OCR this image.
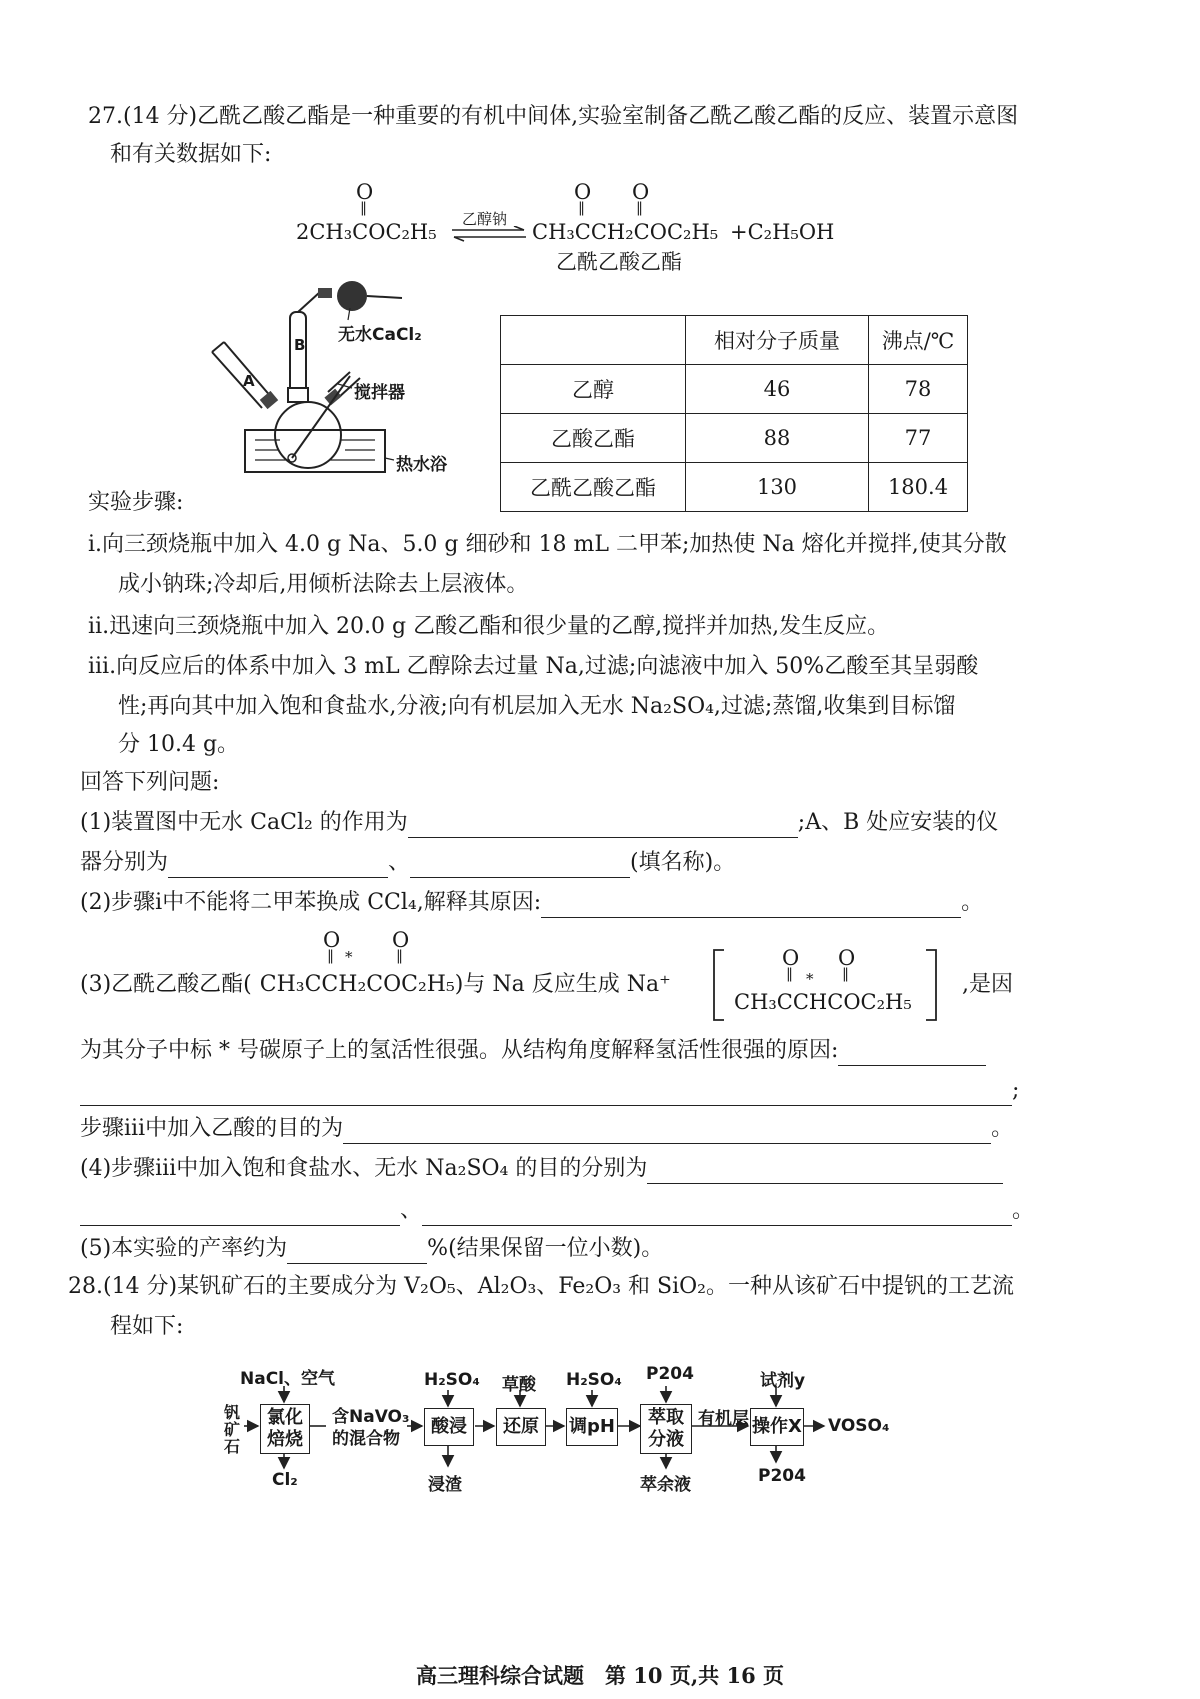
27.(14 分)乙酰乙酸乙酯是一种重要的有机中间体,实验室制备乙酰乙酸乙酯的反应、装置示意图
和有关数据如下:
O
‖
2CH₃COC₂H₅
乙醇钠
O O
‖	‖
CH₃CCH₂COC₂H₅ +C₂H₅OH
乙酰乙酸乙酯
无水CaCl₂
A
B
搅拌器
热水浴
	相对分子质量	沸点/℃
乙醇	46	78
乙酸乙酯	88	77
乙酰乙酸乙酯	130	180.4
实验步骤:
ⅰ.向三颈烧瓶中加入 4.0 g Na、5.0 g 细砂和 18 mL 二甲苯;加热使 Na 熔化并搅拌,使其分散
成小钠珠;冷却后,用倾析法除去上层液体。
ⅱ.迅速向三颈烧瓶中加入 20.0 g 乙酸乙酯和很少量的乙醇,搅拌并加热,发生反应。
ⅲ.向反应后的体系中加入 3 mL 乙醇除去过量 Na,过滤;向滤液中加入 50%乙酸至其呈弱酸
性;再向其中加入饱和食盐水,分液;向有机层加入无水 Na₂SO₄,过滤;蒸馏,收集到目标馏
分 10.4 g。
回答下列问题:
(1)装置图中无水 CaCl₂ 的作用为	;A、B 处应安装的仪
器分别为	、	(填名称)。
(2)步骤ⅰ中不能将二甲苯换成 CCl₄,解释其原因:	。
O O
‖	‖
*
(3)乙酰乙酸乙酯( CH₃CCH₂COC₂H₅)与 Na 反应生成 Na⁺
O O
‖	‖
*
CH₃CCHCOC₂H₅
,是因
为其分子中标 * 号碳原子上的氢活性很强。从结构角度解释氢活性很强的原因:
;
步骤ⅲ中加入乙酸的目的为	。
(4)步骤ⅲ中加入饱和食盐水、无水 Na₂SO₄ 的目的分别为
、	。
(5)本实验的产率约为	%(结果保留一位小数)。
28.(14 分)某钒矿石的主要成分为 V₂O₅、Al₂O₃、Fe₂O₃ 和 SiO₂。一种从该矿石中提钒的工艺流
程如下:
钒矿石
NaCl、空气
氯化焙烧
Cl₂
含NaVO₃的混合物
H₂SO₄
酸浸
浸渣
草酸
还原
H₂SO₄
调pH
P204
萃取分液
萃余液
有机层
试剂y
操作X
P204
VOSO₄
高三理科综合试题　第 10 页,共 16 页
